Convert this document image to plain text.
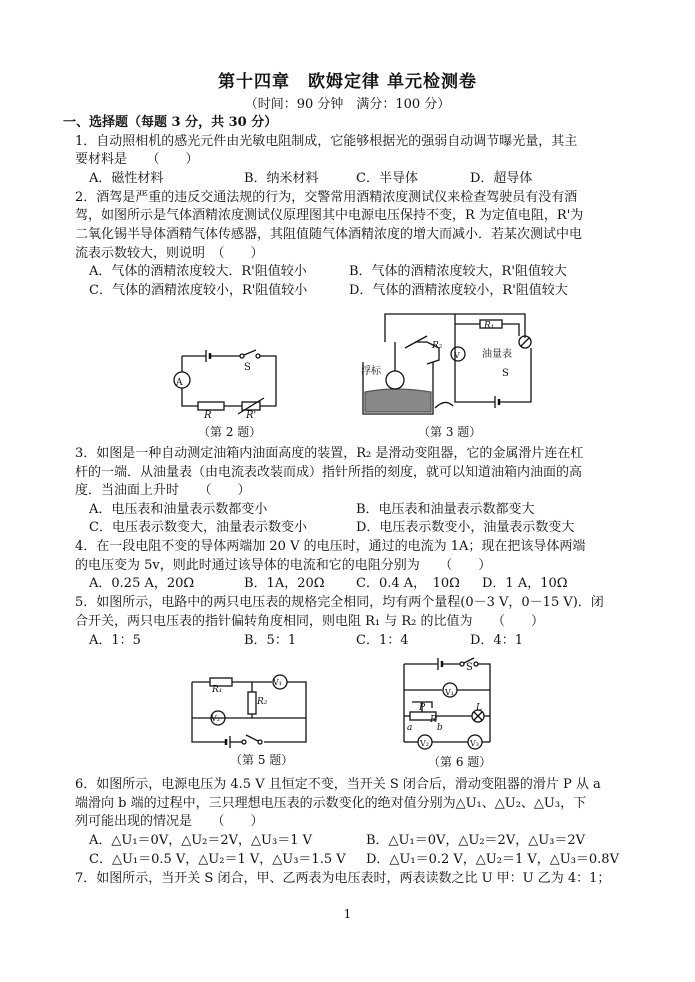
第十四章　欧姆定律 单元检测卷
（时间：90 分钟　满分：100 分）
一、选择题（每题 3 分，共 30 分）
1．自动照相机的感光元件由光敏电阻制成，它能够根据光的强弱自动调节曝光量，其主
要材料是　　（　　）
A．磁性材料	B．纳米材料	C．半导体	D．超导体
2．酒驾是严重的违反交通法规的行为，交警常用酒精浓度测试仪来检查驾驶员有没有酒
驾，如图所示是气体酒精浓度测试仪原理图其中电源电压保持不变，R 为定值电阻，R'为
二氧化锡半导体酒精气体传感器，其阻值随气体酒精浓度的增大而减小．若某次测试中电
流表示数较大，则说明　（　　）
A．气体的酒精浓度较大．R'阻值较小	B．气体的酒精浓度较大，R'阻值较大
C．气体的酒精浓度较小，R'阻值较小	D．气体的酒精浓度较小，R'阻值较大
A
S
R	R'
（第 2 题）
浮标
R₁
R₂
V 油量表
S
（第 3 题）
3．如图是一种自动测定油箱内油面高度的装置，R₂ 是滑动变阻器，它的金属滑片连在杠
杆的一端．从油量表（由电流表改装而成）指针所指的刻度，就可以知道油箱内油面的高
度．当油面上升时　　（　　）
A．电压表和油量表示数都变小	B．电压表和油量表示数都变大
C．电压表示数变大，油量表示数变小	D．电压表示数变小，油量表示数变大
4．在一段电阻不变的导体两端加 20 V 的电压时，通过的电流为 1A；现在把该导体两端
的电压变为 5v，则此时通过该导体的电流和它的电阻分别为　　（　　）
A．0.25 A，20Ω	B．1A，20Ω C．0.4 A，　10Ω D．1 A，10Ω
5．如图所示，电路中的两只电压表的规格完全相同，均有两个量程(0－3 V，0－15 V)．闭
合开关，两只电压表的指针偏转角度相同，则电阻 R₁ 与 R₂ 的比值为　　（　　）
A．1：5	B．5：1	C．1：4	D．4：1
R₁
R₂
V₁
V₂
（第 5 题）
S
V₁
P
R
a	b
L
V₂	V₃
（第 6 题）
6．如图所示，电源电压为 4.5 V 且恒定不变，当开关 S 闭合后，滑动变阻器的滑片 P 从 a
端滑向 b 端的过程中，三只理想电压表的示数变化的绝对值分别为△U₁、△U₂、△U₃，下
列可能出现的情况是　　（　　）
A．△U₁＝0V，△U₂＝2V，△U₃＝1 V	B．△U₁＝0V，△U₂＝2V，△U₃＝2V
C．△U₁＝0.5 V，△U₂＝1 V，△U₃＝1.5 V D．△U₁＝0.2 V，△U₂＝1 V，△U₃＝0.8V
7．如图所示，当开关 S 闭合，甲、乙两表为电压表时，两表读数之比 U 甲：U 乙为 4：1；
1
